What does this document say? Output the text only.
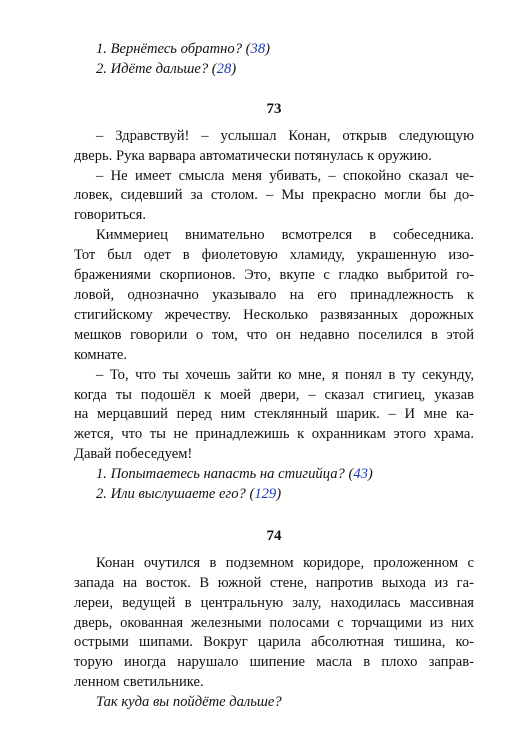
1. Вернётесь обратно? (38)
2. Идёте дальше? (28)
73
– Здравствуй! – услышал Конан, открыв следующую
дверь. Рука варвара автоматически потянулась к оружию.
– Не имеет смысла меня убивать, – спокойно сказал че-
ловек, сидевший за столом. – Мы прекрасно могли бы до-
говориться.
Киммериец внимательно всмотрелся в собеседника.
Тот был одет в фиолетовую хламиду, украшенную изо-
бражениями скорпионов. Это, вкупе с гладко выбритой го-
ловой, однозначно указывало на его принадлежность к
стигийскому жречеству. Несколько развязанных дорожных
мешков говорили о том, что он недавно поселился в этой
комнате.
– То, что ты хочешь зайти ко мне, я понял в ту секунду,
когда ты подошёл к моей двери, – сказал стигиец, указав
на мерцавший перед ним стеклянный шарик. – И мне ка-
жется, что ты не принадлежишь к охранникам этого храма.
Давай побеседуем!
1. Попытаетесь напасть на стигийца? (43)
2. Или выслушаете его? (129)
74
Конан очутился в подземном коридоре, проложенном с
запада на восток. В южной стене, напротив выхода из га-
лереи, ведущей в центральную залу, находилась массивная
дверь, окованная железными полосами с торчащими из них
острыми шипами. Вокруг царила абсолютная тишина, ко-
торую иногда нарушало шипение масла в плохо заправ-
ленном светильнике.
Так куда вы пойдёте дальше?
